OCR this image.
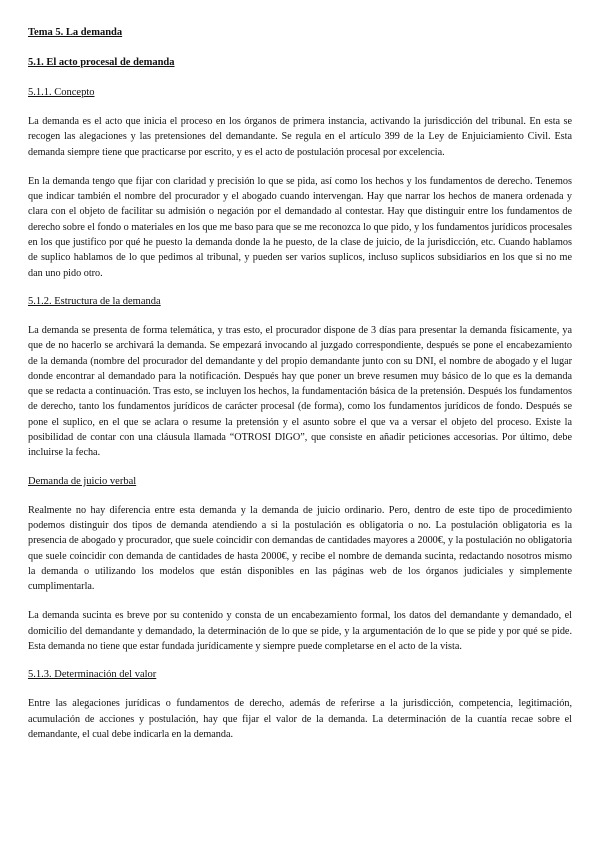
Tema 5. La demanda
5.1. El acto procesal de demanda
5.1.1. Concepto

La demanda es el acto que inicia el proceso en los órganos de primera instancia, activando la jurisdicción del tribunal. En esta se recogen las alegaciones y las pretensiones del demandante. Se regula en el artículo 399 de la Ley de Enjuiciamiento Civil. Esta demanda siempre tiene que practicarse por escrito, y es el acto de postulación procesal por excelencia.

En la demanda tengo que fijar con claridad y precisión lo que se pida, así como los hechos y los fundamentos de derecho. Tenemos que indicar también el nombre del procurador y el abogado cuando intervengan. Hay que narrar los hechos de manera ordenada y clara con el objeto de facilitar su admisión o negación por el demandado al contestar. Hay que distinguir entre los fundamentos de derecho sobre el fondo o materiales en los que me baso para que se me reconozca lo que pido, y los fundamentos jurídicos procesales en los que justifico por qué he puesto la demanda donde la he puesto, de la clase de juicio, de la jurisdicción, etc. Cuando hablamos de suplico hablamos de lo que pedimos al tribunal, y pueden ser varios suplicos, incluso suplicos subsidiarios en los que si no me dan uno pido otro.

5.1.2. Estructura de la demanda

La demanda se presenta de forma telemática, y tras esto, el procurador dispone de 3 días para presentar la demanda físicamente, ya que de no hacerlo se archivará la demanda. Se empezará invocando al juzgado correspondiente, después se pone el encabezamiento de la demanda (nombre del procurador del demandante y del propio demandante junto con su DNI, el nombre de abogado y el lugar donde encontrar al demandado para la notificación. Después hay que poner un breve resumen muy básico de lo que es la demanda que se redacta a continuación. Tras esto, se incluyen los hechos, la fundamentación básica de la pretensión. Después los fundamentos de derecho, tanto los fundamentos jurídicos de carácter procesal (de forma), como los fundamentos jurídicos de fondo. Después se pone el suplico, en el que se aclara o resume la pretensión y el asunto sobre el que va a versar el objeto del proceso. Existe la posibilidad de contar con una cláusula llamada “OTROSI DIGO”, que consiste en añadir peticiones accesorias. Por último, debe incluirse la fecha.

Demanda de juicio verbal

Realmente no hay diferencia entre esta demanda y la demanda de juicio ordinario. Pero, dentro de este tipo de procedimiento podemos distinguir dos tipos de demanda atendiendo a si la postulación es obligatoria o no. La postulación obligatoria es la presencia de abogado y procurador, que suele coincidir con demandas de cantidades mayores a 2000€, y la postulación no obligatoria que suele coincidir con demanda de cantidades de hasta 2000€, y recibe el nombre de demanda sucinta, redactando nosotros mismo la demanda o utilizando los modelos que están disponibles en las páginas web de los órganos judiciales y simplemente cumplimentarla.

La demanda sucinta es breve por su contenido y consta de un encabezamiento formal, los datos del demandante y demandado, el domicilio del demandante y demandado, la determinación de lo que se pide, y la argumentación de lo que se pide y por qué se pide. Esta demanda no tiene que estar fundada jurídicamente y siempre puede completarse en el acto de la vista.

5.1.3. Determinación del valor

Entre las alegaciones jurídicas o fundamentos de derecho, además de referirse a la jurisdicción, competencia, legitimación, acumulación de acciones y postulación, hay que fijar el valor de la demanda. La determinación de la cuantía recae sobre el demandante, el cual debe indicarla en la demanda.
